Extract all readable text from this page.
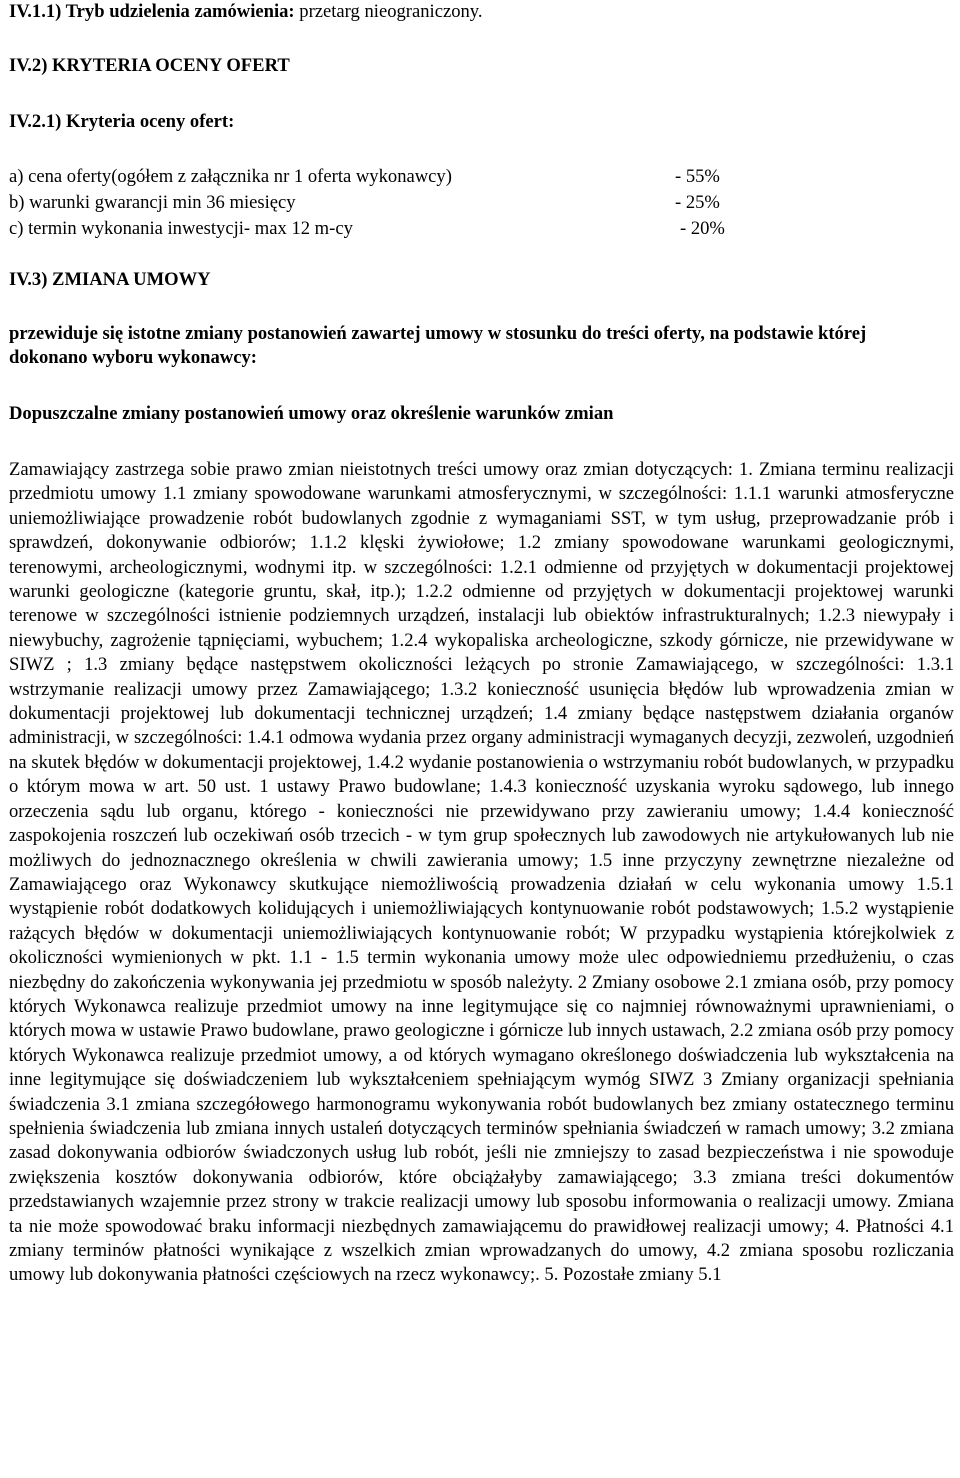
IV.1.1) Tryb udzielenia zamówienia: przetarg nieograniczony.
IV.2) KRYTERIA OCENY OFERT
IV.2.1) Kryteria oceny ofert:
a) cena oferty(ogółem z załącznika nr 1 oferta wykonawcy)	- 55%
b) warunki gwarancji min 36 miesięcy	- 25%
c) termin wykonania inwestycji- max 12 m-cy	- 20%
IV.3) ZMIANA UMOWY
przewiduje się istotne zmiany postanowień zawartej umowy w stosunku do treści oferty, na podstawie której dokonano wyboru wykonawcy:
Dopuszczalne zmiany postanowień umowy oraz określenie warunków zmian

Zamawiający zastrzega sobie prawo zmian nieistotnych treści umowy oraz zmian dotyczących: 1. Zmiana terminu realizacji przedmiotu umowy 1.1 zmiany spowodowane warunkami atmosferycznymi, w szczególności: 1.1.1 warunki atmosferyczne uniemożliwiające prowadzenie robót budowlanych zgodnie z wymaganiami SST, w tym usług, przeprowadzanie prób i sprawdzeń, dokonywanie odbiorów; 1.1.2 klęski żywiołowe; 1.2 zmiany spowodowane warunkami geologicznymi, terenowymi, archeologicznymi, wodnymi itp. w szczególności: 1.2.1 odmienne od przyjętych w dokumentacji projektowej warunki geologiczne (kategorie gruntu, skał, itp.); 1.2.2 odmienne od przyjętych w dokumentacji projektowej warunki terenowe w szczególności istnienie podziemnych urządzeń, instalacji lub obiektów infrastrukturalnych; 1.2.3 niewypały i niewybuchy, zagrożenie tąpnięciami, wybuchem; 1.2.4 wykopaliska archeologiczne, szkody górnicze, nie przewidywane w SIWZ ; 1.3 zmiany będące następstwem okoliczności leżących po stronie Zamawiającego, w szczególności: 1.3.1 wstrzymanie realizacji umowy przez Zamawiającego; 1.3.2 konieczność usunięcia błędów lub wprowadzenia zmian w dokumentacji projektowej lub dokumentacji technicznej urządzeń; 1.4 zmiany będące następstwem działania organów administracji, w szczególności: 1.4.1 odmowa wydania przez organy administracji wymaganych decyzji, zezwoleń, uzgodnień na skutek błędów w dokumentacji projektowej, 1.4.2 wydanie postanowienia o wstrzymaniu robót budowlanych, w przypadku o którym mowa w art. 50 ust. 1 ustawy Prawo budowlane; 1.4.3 konieczność uzyskania wyroku sądowego, lub innego orzeczenia sądu lub organu, którego - konieczności nie przewidywano przy zawieraniu umowy; 1.4.4 konieczność zaspokojenia roszczeń lub oczekiwań osób trzecich - w tym grup społecznych lub zawodowych nie artykułowanych lub nie możliwych do jednoznacznego określenia w chwili zawierania umowy; 1.5 inne przyczyny zewnętrzne niezależne od Zamawiającego oraz Wykonawcy skutkujące niemożliwością prowadzenia działań w celu wykonania umowy 1.5.1 wystąpienie robót dodatkowych kolidujących i uniemożliwiających kontynuowanie robót podstawowych; 1.5.2 wystąpienie rażących błędów w dokumentacji uniemożliwiających kontynuowanie robót; W przypadku wystąpienia którejkolwiek z okoliczności wymienionych w pkt. 1.1 - 1.5 termin wykonania umowy może ulec odpowiedniemu przedłużeniu, o czas niezbędny do zakończenia wykonywania jej przedmiotu w sposób należyty. 2 Zmiany osobowe 2.1 zmiana osób, przy pomocy których Wykonawca realizuje przedmiot umowy na inne legitymujące się co najmniej równoważnymi uprawnieniami, o których mowa w ustawie Prawo budowlane, prawo geologiczne i górnicze lub innych ustawach, 2.2 zmiana osób przy pomocy których Wykonawca realizuje przedmiot umowy, a od których wymagano określonego doświadczenia lub wykształcenia na inne legitymujące się doświadczeniem lub wykształceniem spełniającym wymóg SIWZ 3 Zmiany organizacji spełniania świadczenia 3.1 zmiana szczegółowego harmonogramu wykonywania robót budowlanych bez zmiany ostatecznego terminu spełnienia świadczenia lub zmiana innych ustaleń dotyczących terminów spełniania świadczeń w ramach umowy; 3.2 zmiana zasad dokonywania odbiorów świadczonych usług lub robót, jeśli nie zmniejszy to zasad bezpieczeństwa i nie spowoduje zwiększenia kosztów dokonywania odbiorów, które obciążałyby zamawiającego; 3.3 zmiana treści dokumentów przedstawianych wzajemnie przez strony w trakcie realizacji umowy lub sposobu informowania o realizacji umowy. Zmiana ta nie może spowodować braku informacji niezbędnych zamawiającemu do prawidłowej realizacji umowy; 4. Płatności 4.1 zmiany terminów płatności wynikające z wszelkich zmian wprowadzanych do umowy, 4.2 zmiana sposobu rozliczania umowy lub dokonywania płatności częściowych na rzecz wykonawcy;. 5. Pozostałe zmiany 5.1
